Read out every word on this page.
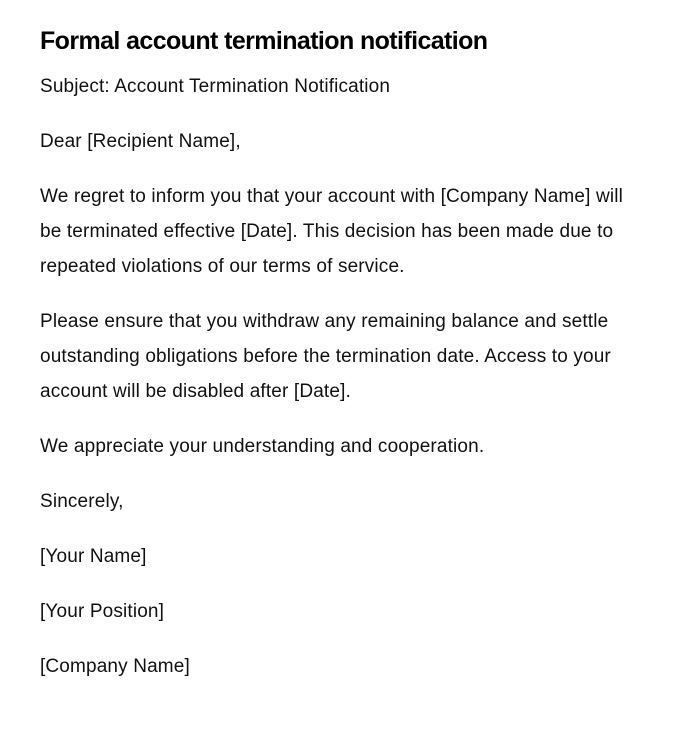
Formal account termination notification

Subject: Account Termination Notification

Dear [Recipient Name],

We regret to inform you that your account with [Company Name] will be terminated effective [Date]. This decision has been made due to repeated violations of our terms of service.

Please ensure that you withdraw any remaining balance and settle outstanding obligations before the termination date. Access to your account will be disabled after [Date].

We appreciate your understanding and cooperation.

Sincerely,

[Your Name]

[Your Position]

[Company Name]
